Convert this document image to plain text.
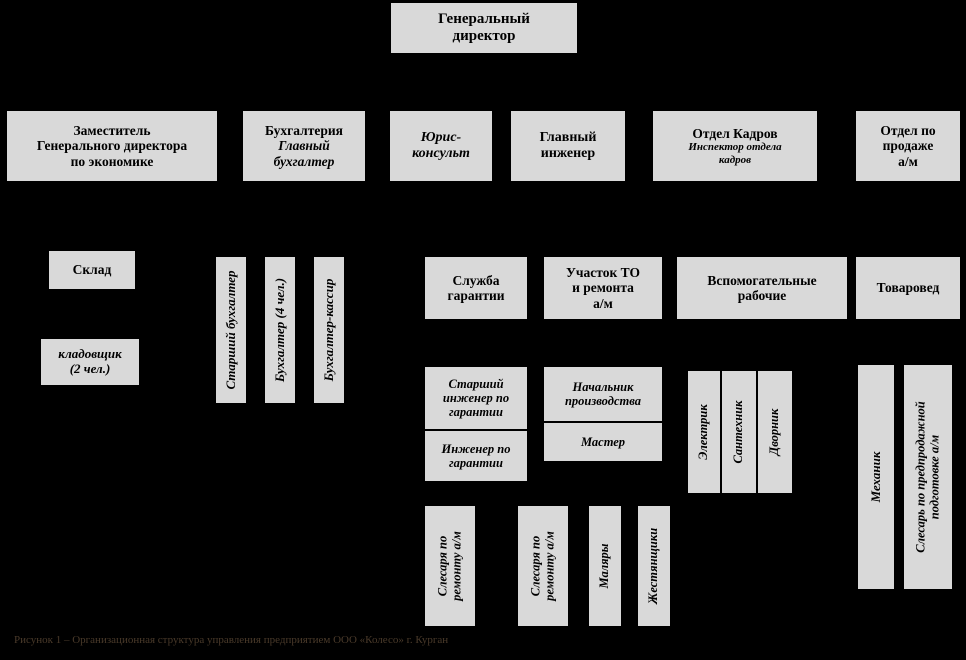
Генеральный
директор
Заместитель
Генерального директора
по экономике
Бухгалтерия
Главный
бухгалтер
Юрис-
консульт
Главный
инженер
Отдел Кадров
Инспектор отдела
кадров
Отдел по
продаже
а/м
Склад
кладовщик
(2 чел.)	Старший бухгалтер	Бухгалтер (4 чел.)	Бухгалтер-кассир	Служба
гарантии
Участок ТО
и ремонта
а/м
Вспомогательные
рабочие
Товаровед
Старший
инженер по
гарантии
Инженер по
гарантии
Начальник
производства
Мастер	Электрик Сантехник Дворник
Механик Слесарь по предпродажной подготовке а/м
Слесаря по ремонту а/м	Слесаря по ремонту а/м	Маляры	Жестянщики
Рисунок 1 – Организационная структура управления предприятием ООО «Колесо» г. Курган
